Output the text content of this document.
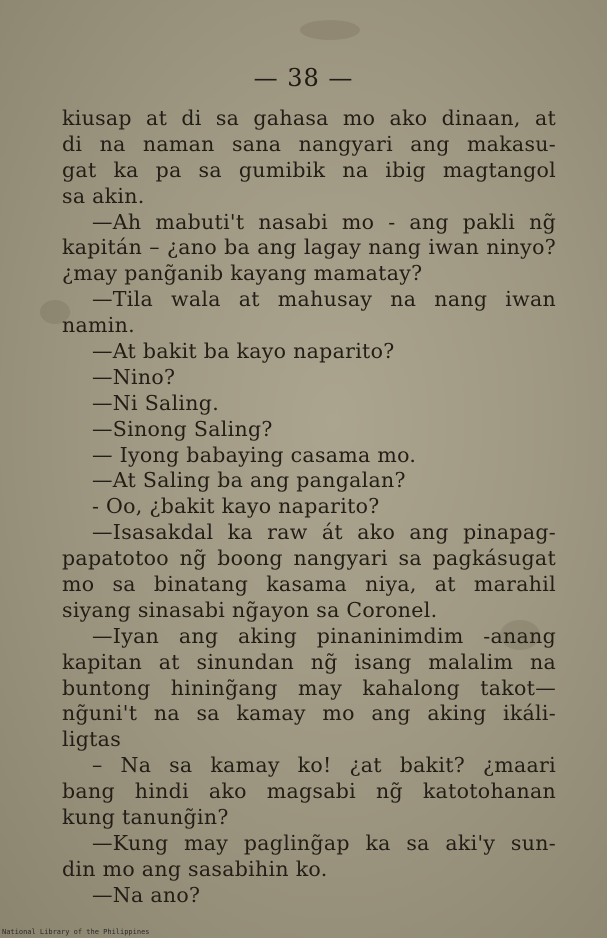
— 38 —
kiusap at di sa gahasa mo ako dinaan, at
di na naman sana nangyari ang makasu-
gat ka pa sa gumibik na ibig magtangol
sa akin.
—Ah mabuti't nasabi mo - ang pakli ng̃
kapitán – ¿ano ba ang lagay nang iwan ninyo?
¿may pang̃anib kayang mamatay?
—Tila wala at mahusay na nang iwan
namin.
—At bakit ba kayo naparito?
—Nino?
—Ni Saling.
—Sinong Saling?
— Iyong babaying casama mo.
—At Saling ba ang pangalan?
- Oo, ¿bakit kayo naparito?
—Isasakdal ka raw át ako ang pinapag-
papatotoo ng̃ boong nangyari sa pagkásugat
mo sa binatang kasama niya, at marahil
siyang sinasabi ng̃ayon sa Coronel.
—Iyan ang aking pinaninimdim -anang
kapitan at sinundan ng̃ isang malalim na
buntong hining̃ang may kahalong takot—
ng̃uni't na sa kamay mo ang aking ikáli-
ligtas
– Na sa kamay ko! ¿at bakit? ¿maari
bang hindi ako magsabi ng̃ katotohanan
kung tanung̃in?
—Kung may pagling̃ap ka sa aki'y sun-
din mo ang sasabihin ko.
—Na ano?
National Library of the Philippines
